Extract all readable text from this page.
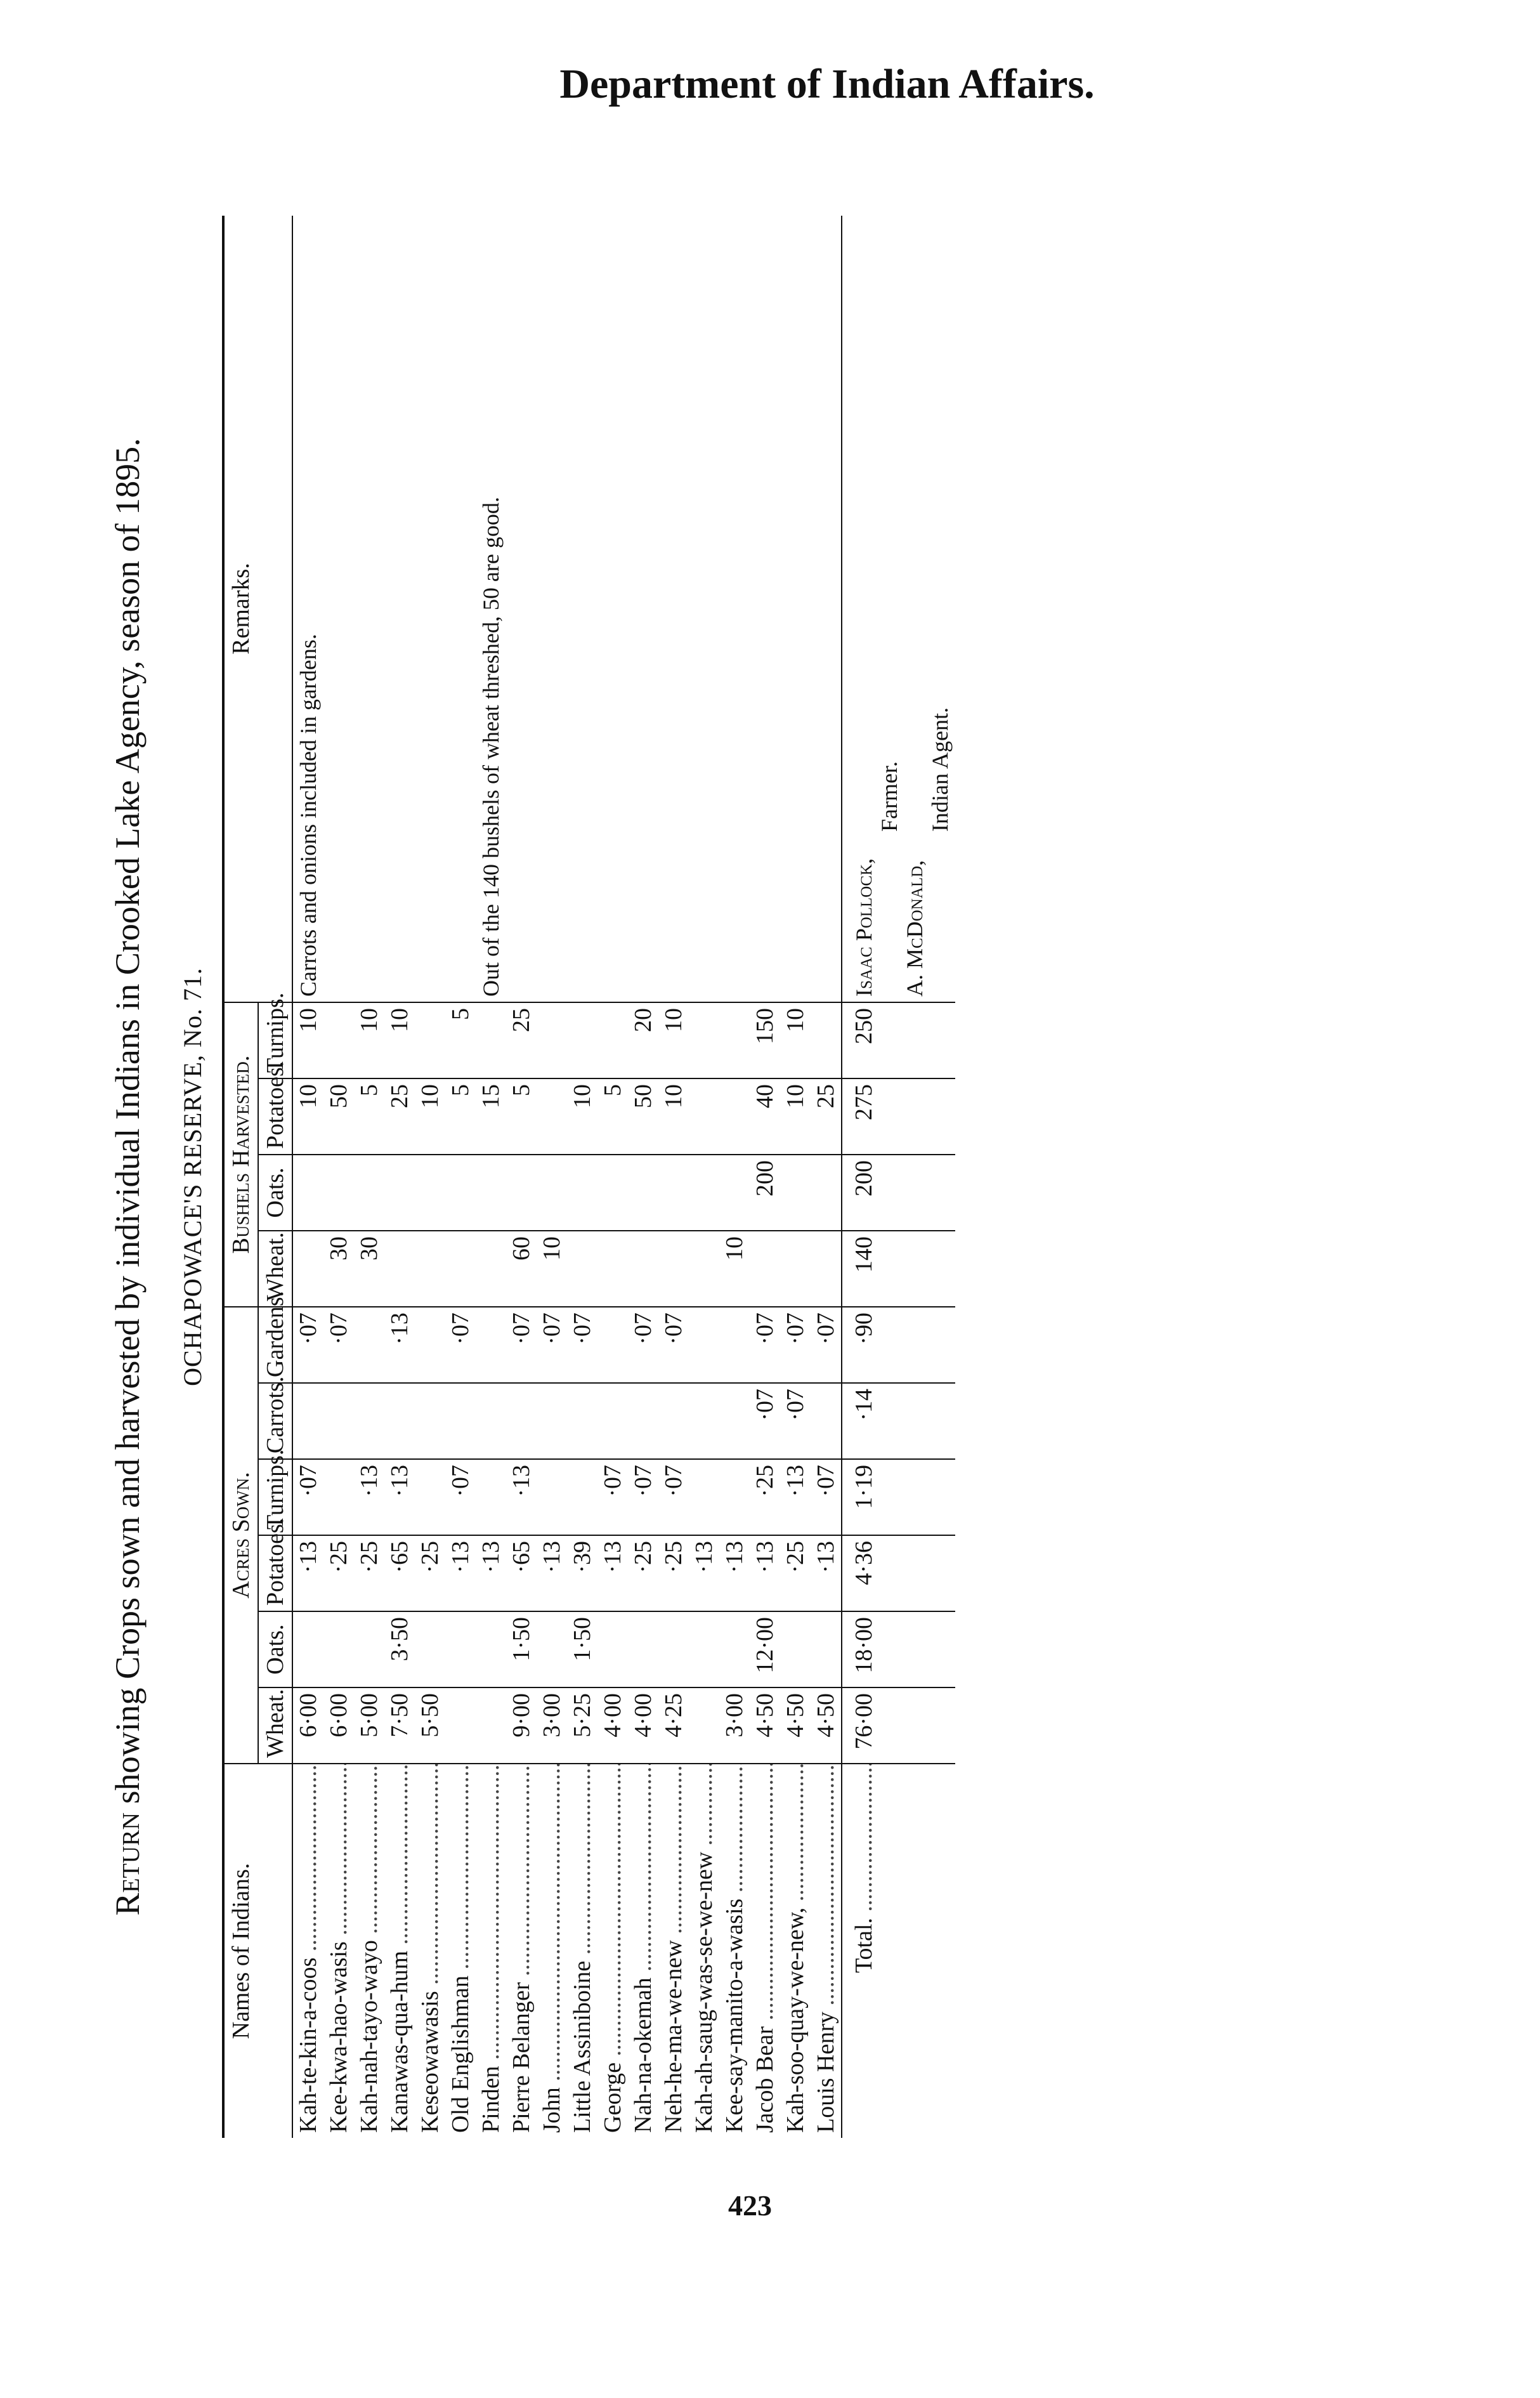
Department of Indian Affairs.
Return showing Crops sown and harvested by individual Indians in Crooked Lake Agency, season of 1895. OCHAPOWACE'S RESERVE, No. 71.
Names of Indians.	Acres Sown.						Bushels Harvested.				Remarks.
	Wheat.	Oats.	Potatoes.	Turnips.	Carrots.	Gardens.	Wheat.	Oats.	Potatoes.	Turnips.	
Kah-te-kin-a-coos .....	6·00		·13	·07		·07			10	10	Carrots and onions included in gardens.
Kee-kwa-hao-wasis .....	6·00		·25			·07	30		50		
Kah-nah-tayo-wayo .....	5·00		·25	·13			30		5	10	
Kanawas-qua-hum .....	7·50	3·50	·65	·13		·13			25	10	
Keseowawasis .....	5·50		·25						10		
Old Englishman .....			·13	·07		·07			5	5	
Pinden .....			·13						15		Out of the 140 bushels of wheat threshed, 50 are good.
Pierre Belanger .....	9·00	1·50	·65	·13		·07	60		5	25	
John .....	3·00		·13			·07	10				
Little Assiniboine .....	5·25	1·50	·39			·07			10		
George .....	4·00		·13	·07					5		
Nah-na-okemah .....	4·00		·25	·07		·07			50	20	
Neh-he-ma-we-new .....	4·25		·25	·07		·07			10	10	
Kah-ah-saug-was-se-we-new .....			·13								
Kee-say-manito-a-wasis .....	3·00		·13				10				
Jacob Bear .....	4·50	12·00	·13	·25	·07	·07		200	40	150	
Kah-soo-quay-we-new, .....	4·50		·25	·13	·07	·07			10	10	
Louis Henry .....	4·50		·13	·07		·07			25		
Total. .....	76·00	18·00	4·36	1·19	·14	·90	140	200	275	250	Isaac Pollock,
Farmer.
A. McDonald,
Indian Agent.
423
